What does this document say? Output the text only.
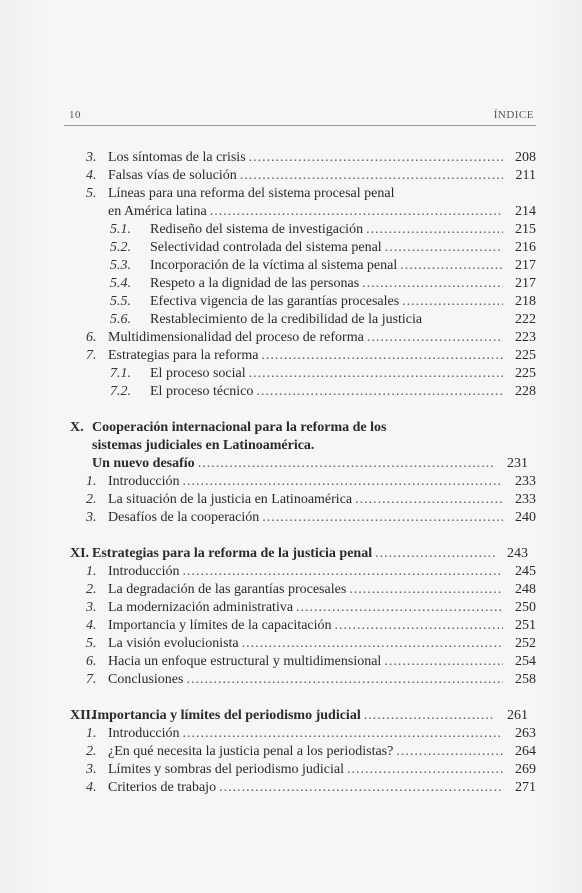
10	ÍNDICE
3. Los síntomas de la crisis .....	208
4. Falsas vías de solución .....	211
5. Líneas para una reforma del sistema procesal penal
en América latina .....	214
5.1. Rediseño del sistema de investigación .....	215
5.2. Selectividad controlada del sistema penal .....	216
5.3. Incorporación de la víctima al sistema penal .....	217
5.4. Respeto a la dignidad de las personas .....	217
5.5. Efectiva vigencia de las garantías procesales .....	218
5.6. Restablecimiento de la credibilidad de la justicia	222
6. Multidimensionalidad del proceso de reforma .....	223
7. Estrategias para la reforma .....	225
7.1. El proceso social .....	225
7.2. El proceso técnico .....	228
X. Cooperación internacional para la reforma de los
sistemas judiciales en Latinoamérica.
Un nuevo desafío .....	231
1. Introducción .....	233
2. La situación de la justicia en Latinoamérica .....	233
3. Desafíos de la cooperación .....	240
XI. Estrategias para la reforma de la justicia penal .....	243
1. Introducción .....	245
2. La degradación de las garantías procesales .....	248
3. La modernización administrativa .....	250
4. Importancia y límites de la capacitación .....	251
5. La visión evolucionista .....	252
6. Hacia un enfoque estructural y multidimensional .....	254
7. Conclusiones .....	258
XII.
Importancia y límites del periodismo judicial .....	261
1. Introducción .....	263
2. ¿En qué necesita la justicia penal a los periodistas? .....	264
3. Límites y sombras del periodismo judicial .....	269
4. Criterios de trabajo .....	271
